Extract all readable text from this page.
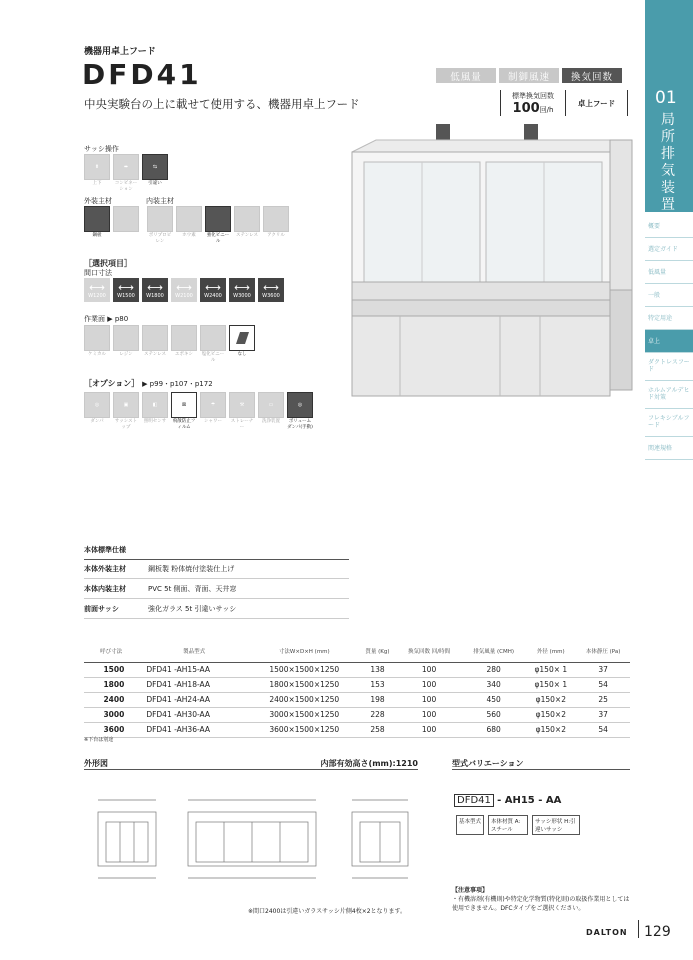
機器用卓上フード
DFD41
中央実験台の上に載せて使用する、機器用卓上フード
低風量	制御風速	換気回数
標準換気回数
100回/h
卓上フード	01
局所排気装置
概要
選定ガイド
低風量
一般
特定用途
卓上
ダクトレスフード
ホルムアルデヒド対策
フレキシブルフード
関連規格
サッシ操作
⬍
上下
⬌
コンビネーション
⇆
引違い
外装主材	内装主材
鋼板	ポリプロピレン
ホウ素	強化ビニール
ステンレス	アクリル
［選択項目］
間口寸法
⟷
W1200
⟷
W1500
⟷
W1800
⟷
W2100
⟷
W2400
⟷
W3000
⟷
W3600
作業面 ▶ p80
ケミカル	レジン	ステンレス	エポキシ	塩化ビニール
なし
［オプション］ ▶ p99・p107・p172
◎
ダンパ
▣
サッシストップ
◧
照明センサ
⊠
飛散防止フィルム
☂
シャワー
⚒
ストレーナー
▭
洗浄装置
◎
ボリュームダンパ(手動)
本体標準仕様
本体外装主材	鋼板製 粉体焼付塗装仕上げ
本体内装主材	PVC 5t 側面、背面、天井窓
前面サッシ	強化ガラス 5t 引違いサッシ
呼び寸法	製品型式	寸法W×D×H (mm)	質量 (Kg)	換気回数 回/時間	排気風量 (CMH)	外径 (mm)	本体静圧 (Pa)
1500	DFD41 -AH15-AA	1500×1500×1250	138	100	280	φ150× 1	37
1800	DFD41 -AH18-AA	1800×1500×1250	153	100	340	φ150× 1	54
2400	DFD41 -AH24-AA	2400×1500×1250	198	100	450	φ150×2	25
3000	DFD41 -AH30-AA	3000×1500×1250	228	100	560	φ150×2	37
3600	DFD41 -AH36-AA	3600×1500×1250	258	100	680	φ150×2	54
※下台は別途
外形図	内部有効高さ(mm):1210
※間口2400は引違いガラスサッシ片側4枚×2となります。
型式バリエーション
DFD41 - AH15 - AA
基本型式	本体材質 A:スチール
サッシ形状 H:引違いサッシ
【注意事項】
・有機溶剤(有機則)や特定化学物質(特化則)の取扱作業用としては使用できません。DFCタイプをご選択ください。
DALTON 129
